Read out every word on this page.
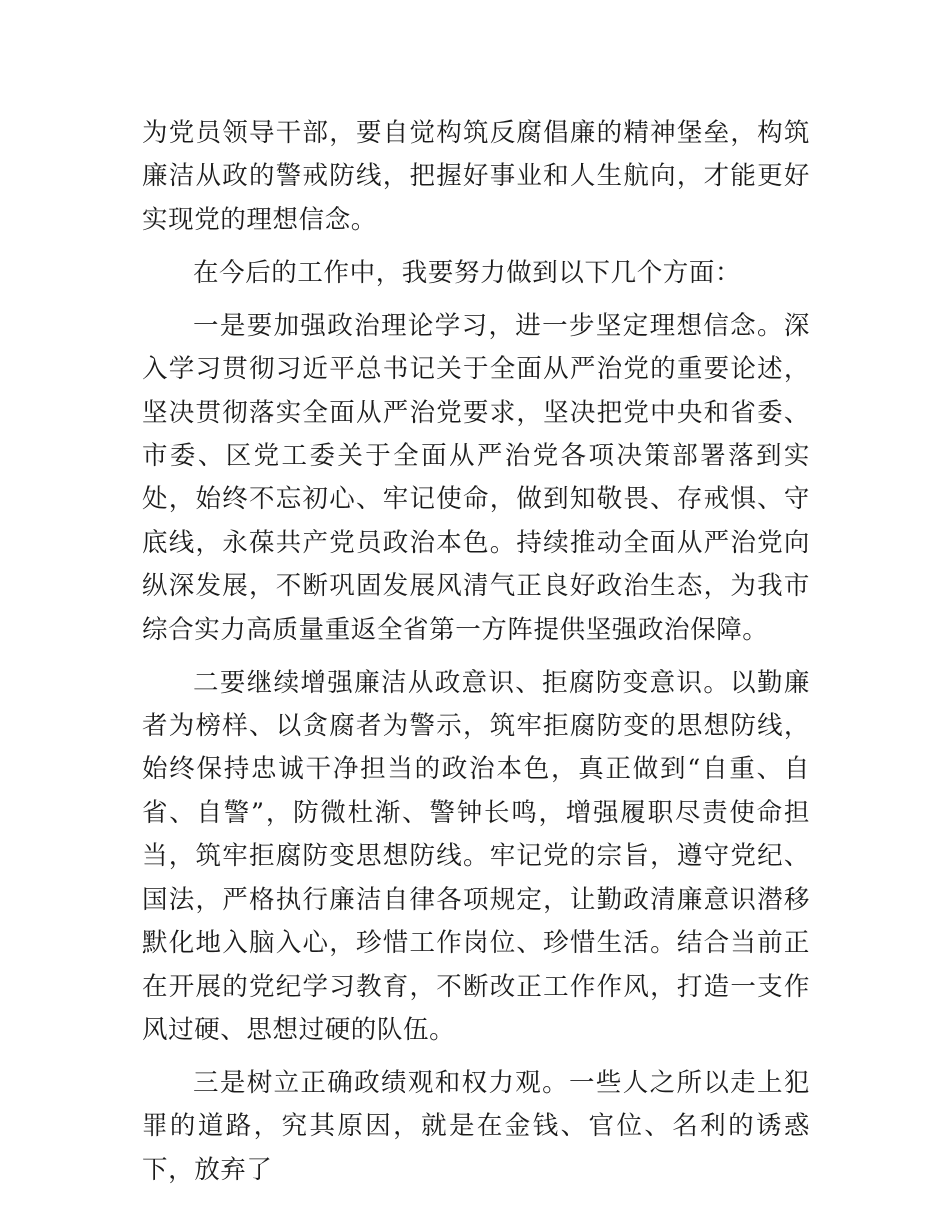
为党员领导干部，要自觉构筑反腐倡廉的精神堡垒，构筑廉洁从政的警戒防线，把握好事业和人生航向，才能更好实现党的理想信念。

在今后的工作中，我要努力做到以下几个方面：

一是要加强政治理论学习，进一步坚定理想信念。深入学习贯彻习近平总书记关于全面从严治党的重要论述，坚决贯彻落实全面从严治党要求，坚决把党中央和省委、市委、区党工委关于全面从严治党各项决策部署落到实处，始终不忘初心、牢记使命，做到知敬畏、存戒惧、守底线，永葆共产党员政治本色。持续推动全面从严治党向纵深发展，不断巩固发展风清气正良好政治生态，为我市综合实力高质量重返全省第一方阵提供坚强政治保障。

二要继续增强廉洁从政意识、拒腐防变意识。以勤廉者为榜样、以贪腐者为警示，筑牢拒腐防变的思想防线，始终保持忠诚干净担当的政治本色，真正做到“自重、自省、自警”，防微杜渐、警钟长鸣，增强履职尽责使命担当，筑牢拒腐防变思想防线。牢记党的宗旨，遵守党纪、国法，严格执行廉洁自律各项规定，让勤政清廉意识潜移默化地入脑入心，珍惜工作岗位、珍惜生活。结合当前正在开展的党纪学习教育，不断改正工作作风，打造一支作风过硬、思想过硬的队伍。

三是树立正确政绩观和权力观。一些人之所以走上犯罪的道路，究其原因，就是在金钱、官位、名利的诱惑下，放弃了
